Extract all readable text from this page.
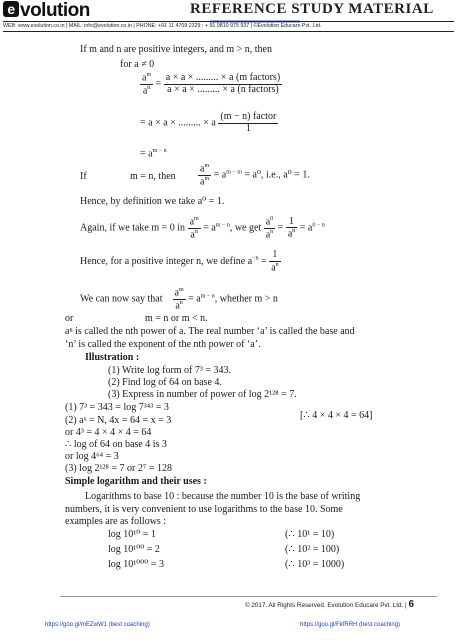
e volution	REFERENCE STUDY MATERIAL
WEB: www.evolution.co.in | MAIL: info@evolution.co.in | PHONE: +91 11 4709 2329 ; + 91 9810 975 937 | ©Evolution Educare Pvt. Ltd.
If m and n are positive integers, and m > n, then
for a ≠ 0
$\frac{a^m}{a^n} = \frac{\text{a × a × ......... × a (m factors)}}{\text{a × a × ......... × a (n factors)}}$
= a × a × ......... × a $\frac{\text{(m − n) factor}}{1}$
= $a^{m - n}$
If	m = n, then $\frac{a^m}{a^m} = a^{m - m} = a^0$, i.e., a⁰ = 1.
Hence, by definition we take a⁰ = 1.
Again, if we take m = 0 in $\frac{a^m}{a^n} = a^{m - n}$, we get $\frac{a^0}{a^n} = \frac{1}{a^n} = a^{0 - n}$
Hence, for a positive integer n, we define $a^{-n} = \frac{1}{a^n}$
We can now say that $\frac{a^m}{a^n} = a^{m - n}$, whether m > n
or	m = n or m < n.
aⁿ is called the nth power of a. The real number ‘a’ is called the base and
‘n’ is called the exponent of the nth power of ‘a’.
Illustration :
(1) Write log form of 7³ = 343.
(2) Find log of 64 on base 4.
(3) Express in number of power of log 2¹²⁸ = 7.
(1) 7³ = 343 = log 7³⁴³ = 3
(2) aˣ = N, 4x = 64 = x = 3	[∴ 4 × 4 × 4 = 64]
or 4³ = 4 × 4 × 4 = 64
∴ log of 64 on base 4 is 3
or log 4⁶⁴ = 3
(3) log 2¹²⁸ = 7 or 2⁷ = 128
Simple logarithm and their uses :
Logarithms to base 10 : because the number 10 is the base of writing
numbers, it is very convenient to use logarithms to the base 10. Some
examples are as follows :
log 10¹⁰ = 1	(∴ 10¹ = 10)
log 10¹⁰⁰ = 2	(∴ 10² = 100)
log 10¹⁰⁰⁰ = 3	(∴ 10³ = 1000)
© 2017. All Rights Reserved. Evolution Educare Pvt. Ltd. | 6
https://goo.gl/mEZwW1 (best coaching)	https://goo.gl/FkfRRH (best coaching)
